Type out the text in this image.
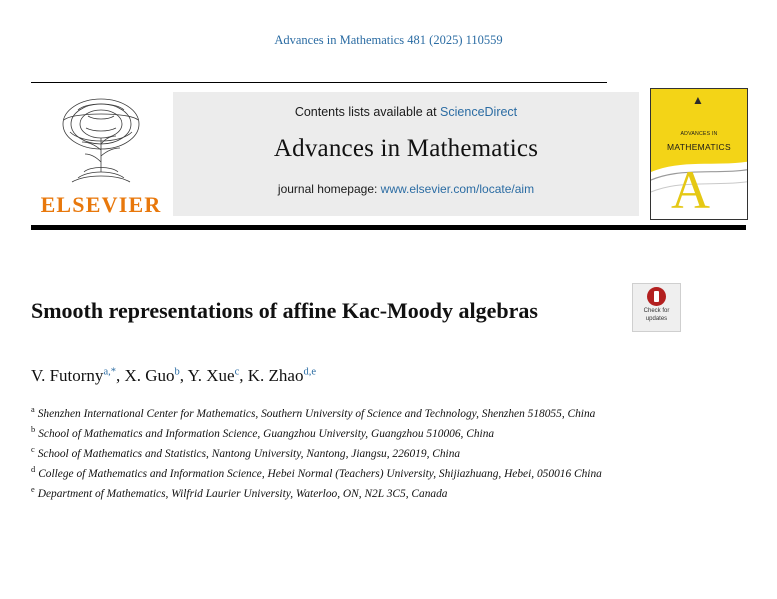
Advances in Mathematics 481 (2025) 110559
ELSEVIER
Contents lists available at ScienceDirect
Advances in Mathematics
journal homepage: www.elsevier.com/locate/aim
▲
ADVANCES IN
MATHEMATICS
A
Smooth representations of affine Kac-Moody algebras	Check for
updates
V. Futorny$^{a,*}$, X. Guo$^b$, Y. Xue$^c$, K. Zhao$^{d,e}$
$^a$ Shenzhen International Center for Mathematics, Southern University of Science and Technology, Shenzhen 518055, China
$^b$ School of Mathematics and Information Science, Guangzhou University, Guangzhou 510006, China
$^c$ School of Mathematics and Statistics, Nantong University, Nantong, Jiangsu, 226019, China
$^d$ College of Mathematics and Information Science, Hebei Normal (Teachers) University, Shijiazhuang, Hebei, 050016 China
$^e$ Department of Mathematics, Wilfrid Laurier University, Waterloo, ON, N2L 3C5, Canada
